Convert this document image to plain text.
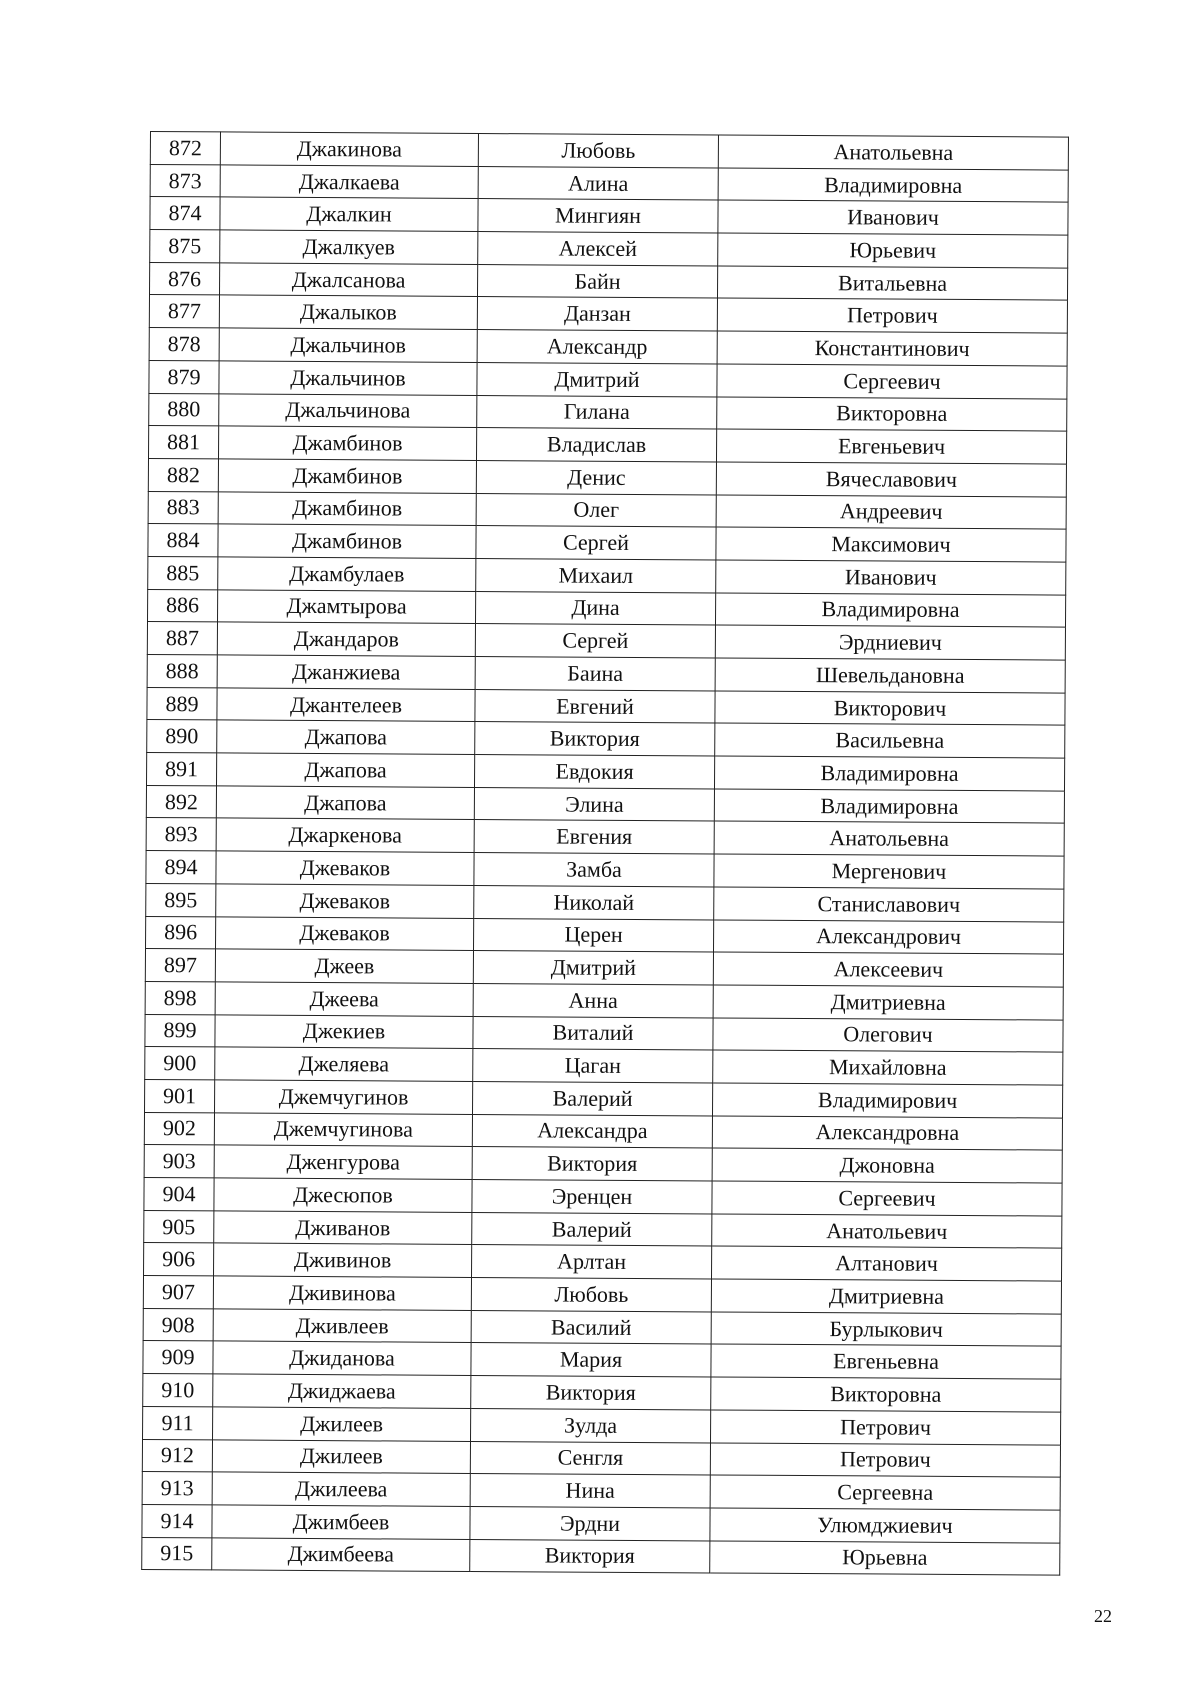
872	Джакинова	Любовь	Анатольевна
873	Джалкаева	Алина	Владимировна
874	Джалкин	Мингиян	Иванович
875	Джалкуев	Алексей	Юрьевич
876	Джалсанова	Байн	Витальевна
877	Джалыков	Данзан	Петрович
878	Джальчинов	Александр	Константинович
879	Джальчинов	Дмитрий	Сергеевич
880	Джальчинова	Гилана	Викторовна
881	Джамбинов	Владислав	Евгеньевич
882	Джамбинов	Денис	Вячеславович
883	Джамбинов	Олег	Андреевич
884	Джамбинов	Сергей	Максимович
885	Джамбулаев	Михаил	Иванович
886	Джамтырова	Дина	Владимировна
887	Джандаров	Сергей	Эрдниевич
888	Джанжиева	Баина	Шевельдановна
889	Джантелеев	Евгений	Викторович
890	Джапова	Виктория	Васильевна
891	Джапова	Евдокия	Владимировна
892	Джапова	Элина	Владимировна
893	Джаркенова	Евгения	Анатольевна
894	Джеваков	Замба	Мергенович
895	Джеваков	Николай	Станиславович
896	Джеваков	Церен	Александрович
897	Джеев	Дмитрий	Алексеевич
898	Джеева	Анна	Дмитриевна
899	Джекиев	Виталий	Олегович
900	Джеляева	Цаган	Михайловна
901	Джемчугинов	Валерий	Владимирович
902	Джемчугинова	Александра	Александровна
903	Дженгурова	Виктория	Джоновна
904	Джесюпов	Эренцен	Сергеевич
905	Дживанов	Валерий	Анатольевич
906	Дживинов	Арлтан	Алтанович
907	Дживинова	Любовь	Дмитриевна
908	Дживлеев	Василий	Бурлыкович
909	Джиданова	Мария	Евгеньевна
910	Джиджаева	Виктория	Викторовна
911	Джилеев	Зулда	Петрович
912	Джилеев	Сенгля	Петрович
913	Джилеева	Нина	Сергеевна
914	Джимбеев	Эрдни	Улюмджиевич
915	Джимбеева	Виктория	Юрьевна
22
